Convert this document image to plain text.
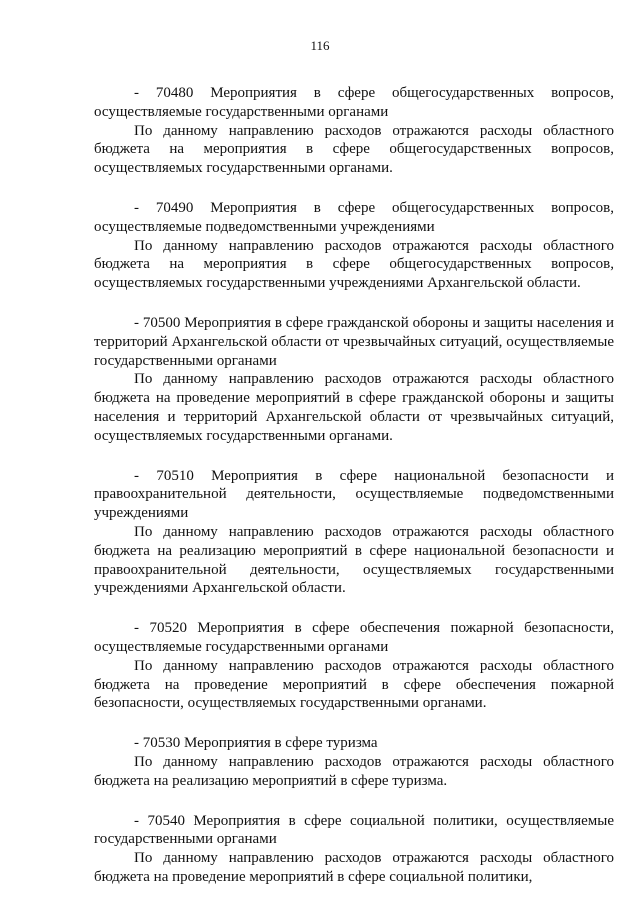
116

- 70480 Мероприятия в сфере общегосударственных вопросов, осуществляемые государственными органами

По данному направлению расходов отражаются расходы областного бюджета на мероприятия в сфере общегосударственных вопросов, осуществляемых государственными органами.

- 70490 Мероприятия в сфере общегосударственных вопросов, осуществляемые подведомственными учреждениями

По данному направлению расходов отражаются расходы областного бюджета на мероприятия в сфере общегосударственных вопросов, осуществляемых государственными учреждениями Архангельской области.

- 70500 Мероприятия в сфере гражданской обороны и защиты населения и территорий Архангельской области от чрезвычайных ситуаций, осуществляемые государственными органами

По данному направлению расходов отражаются расходы областного бюджета на проведение мероприятий в сфере гражданской обороны и защиты населения и территорий Архангельской области от чрезвычайных ситуаций, осуществляемых государственными органами.

- 70510 Мероприятия в сфере национальной безопасности и правоохранительной деятельности, осуществляемые подведомственными учреждениями

По данному направлению расходов отражаются расходы областного бюджета на реализацию мероприятий в сфере национальной безопасности и правоохранительной деятельности, осуществляемых государственными учреждениями Архангельской области.

- 70520 Мероприятия в сфере обеспечения пожарной безопасности, осуществляемые государственными органами

По данному направлению расходов отражаются расходы областного бюджета на проведение мероприятий в сфере обеспечения пожарной безопасности, осуществляемых государственными органами.

- 70530 Мероприятия в сфере туризма

По данному направлению расходов отражаются расходы областного бюджета на реализацию мероприятий в сфере туризма.

- 70540 Мероприятия в сфере социальной политики, осуществляемые государственными органами

По данному направлению расходов отражаются расходы областного бюджета на проведение мероприятий в сфере социальной политики,
